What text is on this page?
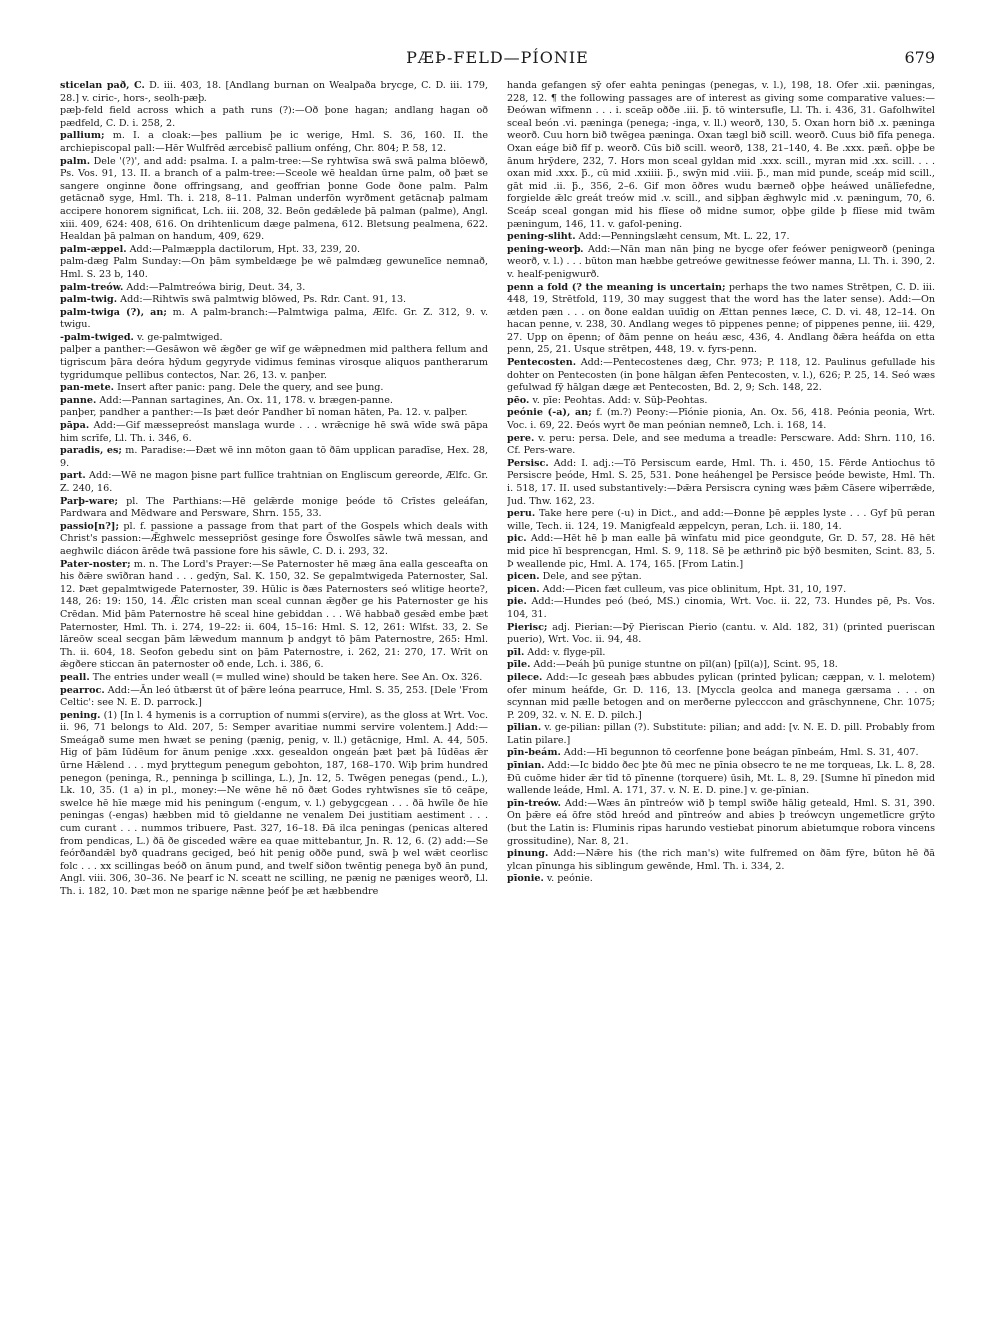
PÆÞ-FELD—PÍONIE	679

sticelan pað, C. D. iii. 403, 18. [Andlang burnan on Wealpaða brycge, C. D. iii. 179, 28.] v. ciric-, hors-, seolh-pæþ.

pæþ-feld field across which a path runs (?):—Oð þone hagan; andlang hagan oð pædfeld, C. D. i. 258, 2.

pallium; m. I. a cloak:—þes pallium þe ic werige, Hml. S. 36, 160. II. the archiepiscopal pall:—Hēr Wulfrēd ærcebisc̄ pallium onféng, Chr. 804; P. 58, 12.

palm. Dele '(?)', and add: psalma. I. a palm-tree:—Se ryhtwīsa swā swā palma blōewð, Ps. Vos. 91, 13. II. a branch of a palm-tree:—Sceole wē healdan ūrne palm, oð þæt se sangere onginne ðone offringsang, and geoffrian þonne Gode ðone palm. Palm getācnað syge, Hml. Th. i. 218, 8–11. Palman underfōn wyrðment getācnaþ palmam accipere honorem significat, Lch. iii. 208, 32. Beōn gedǣlede þā palman (palme), Angl. xiii. 409, 624: 408, 616. On drihtenlicum dæge palmena, 612. Bletsung pealmena, 622. Healdan þā palman on handum, 409, 629.

palm-æppel. Add:—Palmæppla dactilorum, Hpt. 33, 239, 20.

palm-dæg Palm Sunday:—On þām symbeldæge þe wē palmdæg gewunelīce nemnað, Hml. S. 23 b, 140.

palm-treów. Add:—Palmtreówa birig, Deut. 34, 3.

palm-twig. Add:—Rihtwīs swā palmtwig blōwed, Ps. Rdr. Cant. 91, 13.

palm-twiga (?), an; m. A palm-branch:—Palmtwiga palma, Ælfc. Gr. Z. 312, 9. v. twigu.

-palm-twiged. v. ge-palmtwiged.

palþer a panther:—Gesāwon wē ǣgðer ge wīf ge wǣpnedmen mid palthera fellum and tigriscum þāra deóra hȳdum gegyryde vidimus feminas virosque aliquos pantherarum tygridumque pellibus contectos, Nar. 26, 13. v. panþer.

pan-mete. Insert after panic: pang. Dele the query, and see þung.

panne. Add:—Pannan sartagines, An. Ox. 11, 178. v. brægen-panne.

panþer, pandher a panther:—Is þæt deór Pandher bī noman hāten, Pa. 12. v. palþer.

pāpa. Add:—Gif mæssepreóst manslaga wurde . . . wrǣcnige hē swā wīde swā pāpa him scrīfe, Ll. Th. i. 346, 6.

paradis, es; m. Paradise:—Ðæt wē inn mōton gaan tō ðām upplican paradīse, Hex. 28, 9.

part. Add:—Wē ne magon þisne part fullīce trahtnian on Engliscum gereorde, Ælfc. Gr. Z. 240, 16.

Parþ-ware; pl. The Parthians:—Hē gelǣrde monige þeóde tō Crīstes geleáfan, Pardwara and Mēdware and Persware, Shrn. 155, 33.

passio[n?]; pl. f. passione a passage from that part of the Gospels which deals with Christ's passion:—Ǣghwelc messepriōst gesinge fore Ōswolſes sāwle twā messan, and aeghwilc diácon ārēde twā passione fore his sāwle, C. D. i. 293, 32.

Pater-noster; m. n. The Lord's Prayer:—Se Paternoster hē mæg āna ealla gesceafta on his ðǣre swīðran hand . . . gedȳn, Sal. K. 150, 32. Se gepalmtwigeda Paternoster, Sal. 12. Þæt gepalmtwigede Paternoster, 39. Hūlic is ðæs Paternosters seó wlitige heorte?, 148, 26: 19: 150, 14. Ǣlc cristen man sceal cunnan ǣgðer ge his Paternoster ge his Crēdan. Mid þām Paternostre hē sceal hine gebiddan . . . Wē habbað gesǣd embe þæt Paternoster, Hml. Th. i. 274, 19–22: ii. 604, 15–16: Hml. S. 12, 261: Wlfst. 33, 2. Se lāreōw sceal secgan þām lǣwedum mannum þ andgyt tō þām Paternostre, 265: Hml. Th. ii. 604, 18. Seofon gebedu sint on þām Paternostre, i. 262, 21: 270, 17. Wrīt on ǣgðere sticcan ān paternoster oð ende, Lch. i. 386, 6.

peall. The entries under weall (= mulled wine) should be taken here. See An. Ox. 326.

pearroc. Add:—Ān leó ūtbærst ūt of þǣre leóna pearruce, Hml. S. 35, 253. [Dele 'From Celtic': see N. E. D. parrock.]

pening. (1) [In l. 4 hymenis is a corruption of nummi s(ervire), as the gloss at Wrt. Voc. ii. 96, 71 belongs to Ald. 207, 5: Semper avaritiae nummi servire volentem.] Add:—Smeágað sume men hwæt se pening (pænig, penig, v. ll.) getācnige, Hml. A. 44, 505. Hig of þām Iūdēum for ānum penige .xxx. gesealdon ongeán þæt þæt þā Iūdēas ǣr ūrne Hǣlend . . . myd þryttegum penegum gebohton, 187, 168–170. Wiþ þrim hundred penegon (peninga, R., penninga þ scillinga, L.), Jn. 12, 5. Twēgen penegas (pend., L.), Lk. 10, 35. (1 a) in pl., money:—Ne wēne hē nō ðæt Godes ryhtwīsnes sīe tō ceāpe, swelce hē hīe mæge mid his peningum (-engum, v. l.) gebygcgean . . . ðā hwīle ðe hīe peningas (-engas) hæbben mid tō gieldanne ne venalem Dei justitiam aestiment . . . cum curant . . . nummos tribuere, Past. 327, 16–18. Ðā ilca peningas (penicas altered from pendicas, L.) ðā ðe gisceded wǣre ea quae mittebantur, Jn. R. 12, 6. (2) add:—Se feórðandǣl byð quadrans geciged, beó hit penig oððe pund, swā þ wel wǣt ceorlisc folc . . . xx scillingas beóð on ānum pund, and twelf siðon twēntig penega byð ān pund, Angl. viii. 306, 30–36. Ne þearf ic N. sceatt ne scilling, ne pænig ne pæniges weorð, Ll. Th. i. 182, 10. Þæt mon ne sparige nǣnne þeóf þe æt hæbbendre

handa gefangen sȳ ofer eahta peningas (penegas, v. l.), 198, 18. Ofer .xii. pæningas, 228, 12. ¶ the following passages are of interest as giving some comparative values:—Ðeówan wīfmenn . . . i. sceāp oððe .iii. þ̄. tō wintersufle, Ll. Th. i. 436, 31. Gafolhwītel sceal beón .vi. pæninga (penega; -inga, v. ll.) weorð, 130, 5. Oxan horn bið .x. pæninga weorð. Cuu horn bið twēgea pæninga. Oxan tægl bið scill. weorð. Cuus bið fīfa penega. Oxan eáge bið fīf p. weorð. Cūs bið scill. weorð, 138, 21–140, 4. Be .xxx. pæñ. oþþe be ānum hrȳdere, 232, 7. Hors mon sceal gyldan mid .xxx. scill., myran mid .xx. scill. . . . oxan mid .xxx. þ̄., cū mid .xxiiii. þ̄., swȳn mid .viii. þ̄., man mid punde, sceáp mid scill., gāt mid .ii. þ̄., 356, 2–6. Gif mon ōðres wudu bærneð oþþe heáwed unālīefedne, forgielde ǣlc greát treów mid .v. scill., and siþþan ǣghwylc mid .v. pæningum, 70, 6. Sceáp sceal gongan mid his flīese oð midne sumor, oþþe gilde þ flīese mid twām pæningum, 146, 11. v. gafol-pening.

pening-sliht. Add:—Penningslæht censum, Mt. L. 22, 17.

pening-weorþ. Add:—Nān man nān þing ne bycge ofer feówer penigweorð (peninga weorð, v. l.) . . . būton man hæbbe getreówe gewitnesse feówer manna, Ll. Th. i. 390, 2. v. healf-penigwurð.

penn a fold (? the meaning is uncertain; perhaps the two names Strētpen, C. D. iii. 448, 19, Strētfold, 119, 30 may suggest that the word has the later sense). Add:—On ætden pæn . . . on ðone ealdan uuīdig on Ættan pennes læce, C. D. vi. 48, 12–14. On hacan penne, v. 238, 30. Andlang weges tō pippenes penne; of pippenes penne, iii. 429, 27. Upp on ēpenn; of ðām penne on heáu æsc, 436, 4. Andlang ðǣra heáfda on etta penn, 25, 21. Usque strētpen, 448, 19. v. fyrs-penn.

Pentecosten. Add:—Pentecostenes dæg, Chr. 973; P. 118, 12. Paulinus gefullade his dohter on Pentecosten (in þone hālgan ǣfen Pentecosten, v. l.), 626; P. 25, 14. Seó wæs gefulwad fȳ hālgan dæge æt Pentecosten, Bd. 2, 9; Sch. 148, 22.

pēo. v. pīe: Peohtas. Add: v. Sūþ-Peohtas.

peónie (-a), an; f. (m.?) Peony:—Pīónie pionia, An. Ox. 56, 418. Peónia peonia, Wrt. Voc. i. 69, 22. Ðeós wyrt ðe man peónian nemneð, Lch. i. 168, 14.

pere. v. peru: persa. Dele, and see meduma a treadle: Perscware. Add: Shrn. 110, 16. Cf. Pers-ware.

Persisc. Add: I. adj.:—Tō Persiscum earde, Hml. Th. i. 450, 15. Fērde Antiochus tō Persiscre þeóde, Hml. S. 25, 531. Þone heáhengel þe Persisce þeóde bewiste, Hml. Th. i. 518, 17. II. used substantively:—Þǣra Persiscra cyning wæs þǣm Cāsere wiþerrǣde, Jud. Thw. 162, 23.

peru. Take here pere (-u) in Dict., and add:—Ðonne þē æpples lyste . . . Gyf þū peran wille, Tech. ii. 124, 19. Manigfeald æppelcyn, peran, Lch. ii. 180, 14.

pic. Add:—Hēt hē þ man ealle þā wīnfatu mid pice geondgute, Gr. D. 57, 28. Hē hēt mid pice hī besprencgan, Hml. S. 9, 118. Sē þe æthrinð pic bȳð besmiten, Scint. 83, 5. Þ weallende pic, Hml. A. 174, 165. [From Latin.]

picen. Dele, and see pȳtan.

picen. Add:—Picen fæt culleum, vas pice oblinitum, Hpt. 31, 10, 197.

pie. Add:—Hundes peó (beó, MS.) cinomia, Wrt. Voc. ii. 22, 73. Hundes pē, Ps. Vos. 104, 31.

Pierisc; adj. Pierian:—Þȳ Pieriscan Pierio (cantu. v. Ald. 182, 31) (printed puerisc​an puerio), Wrt. Voc. ii. 94, 48.

pīl. Add: v. flyge-pīl.

pīle. Add:—Þeáh þū punige stuntne on pīl(an) [pīl(a)], Scint. 95, 18.

pilece. Add:—Ic geseah þæs abbudes pylican (printed þylican; cæppan, v. l. melotem) ofer minum heáfde, Gr. D. 116, 13. [Myccla geolca and manega gærsama . . . on scynnan mid pælle betogen and on merðerne pylecccon and grāschynnene, Chr. 1075; P. 209, 32. v. N. E. D. pilch.]

pīlian. v. ge-pilian: pillan (?). Substitute: pilian; and add: [v. N. E. D. pill. Probably from Latin pilare.]

pīn-beám. Add:—Hī begunnon tō ceorfenne þone beágan pīnbeám, Hml. S. 31, 407.

pīnian. Add:—Ic biddo ðec þte ðū mec ne pīnia obsecro te ne me torqueas, Lk. L. 8, 28. Ðū cuōme hider ǣr tīd tō pīnenne (torquere) ūsih, Mt. L. 8, 29. [Sumne hī pīnedon mid wallende leáde, Hml. A. 171, 37. v. N. E. D. pine.] v. ge-pīnian.

pīn-treów. Add:—Wæs ān pīntreów wið þ templ swīðe hālig geteald, Hml. S. 31, 390. On þǣre eá ōfre stōd hreód and pīntreów and abies þ treówcyn ungemetlīcre grȳto (but the Latin is: Fluminis ripas harundo vestiebat pinorum abietumque robora vincens grossitudine), Nar. 8, 21.

pinung. Add:—Nǣre his (the rich man's) wite fulfremed on ðām fȳre, būton hē ðā ylcan pīnunga his siblingum gewēnde, Hml. Th. i. 334, 2.

pīonie. v. peónie.
